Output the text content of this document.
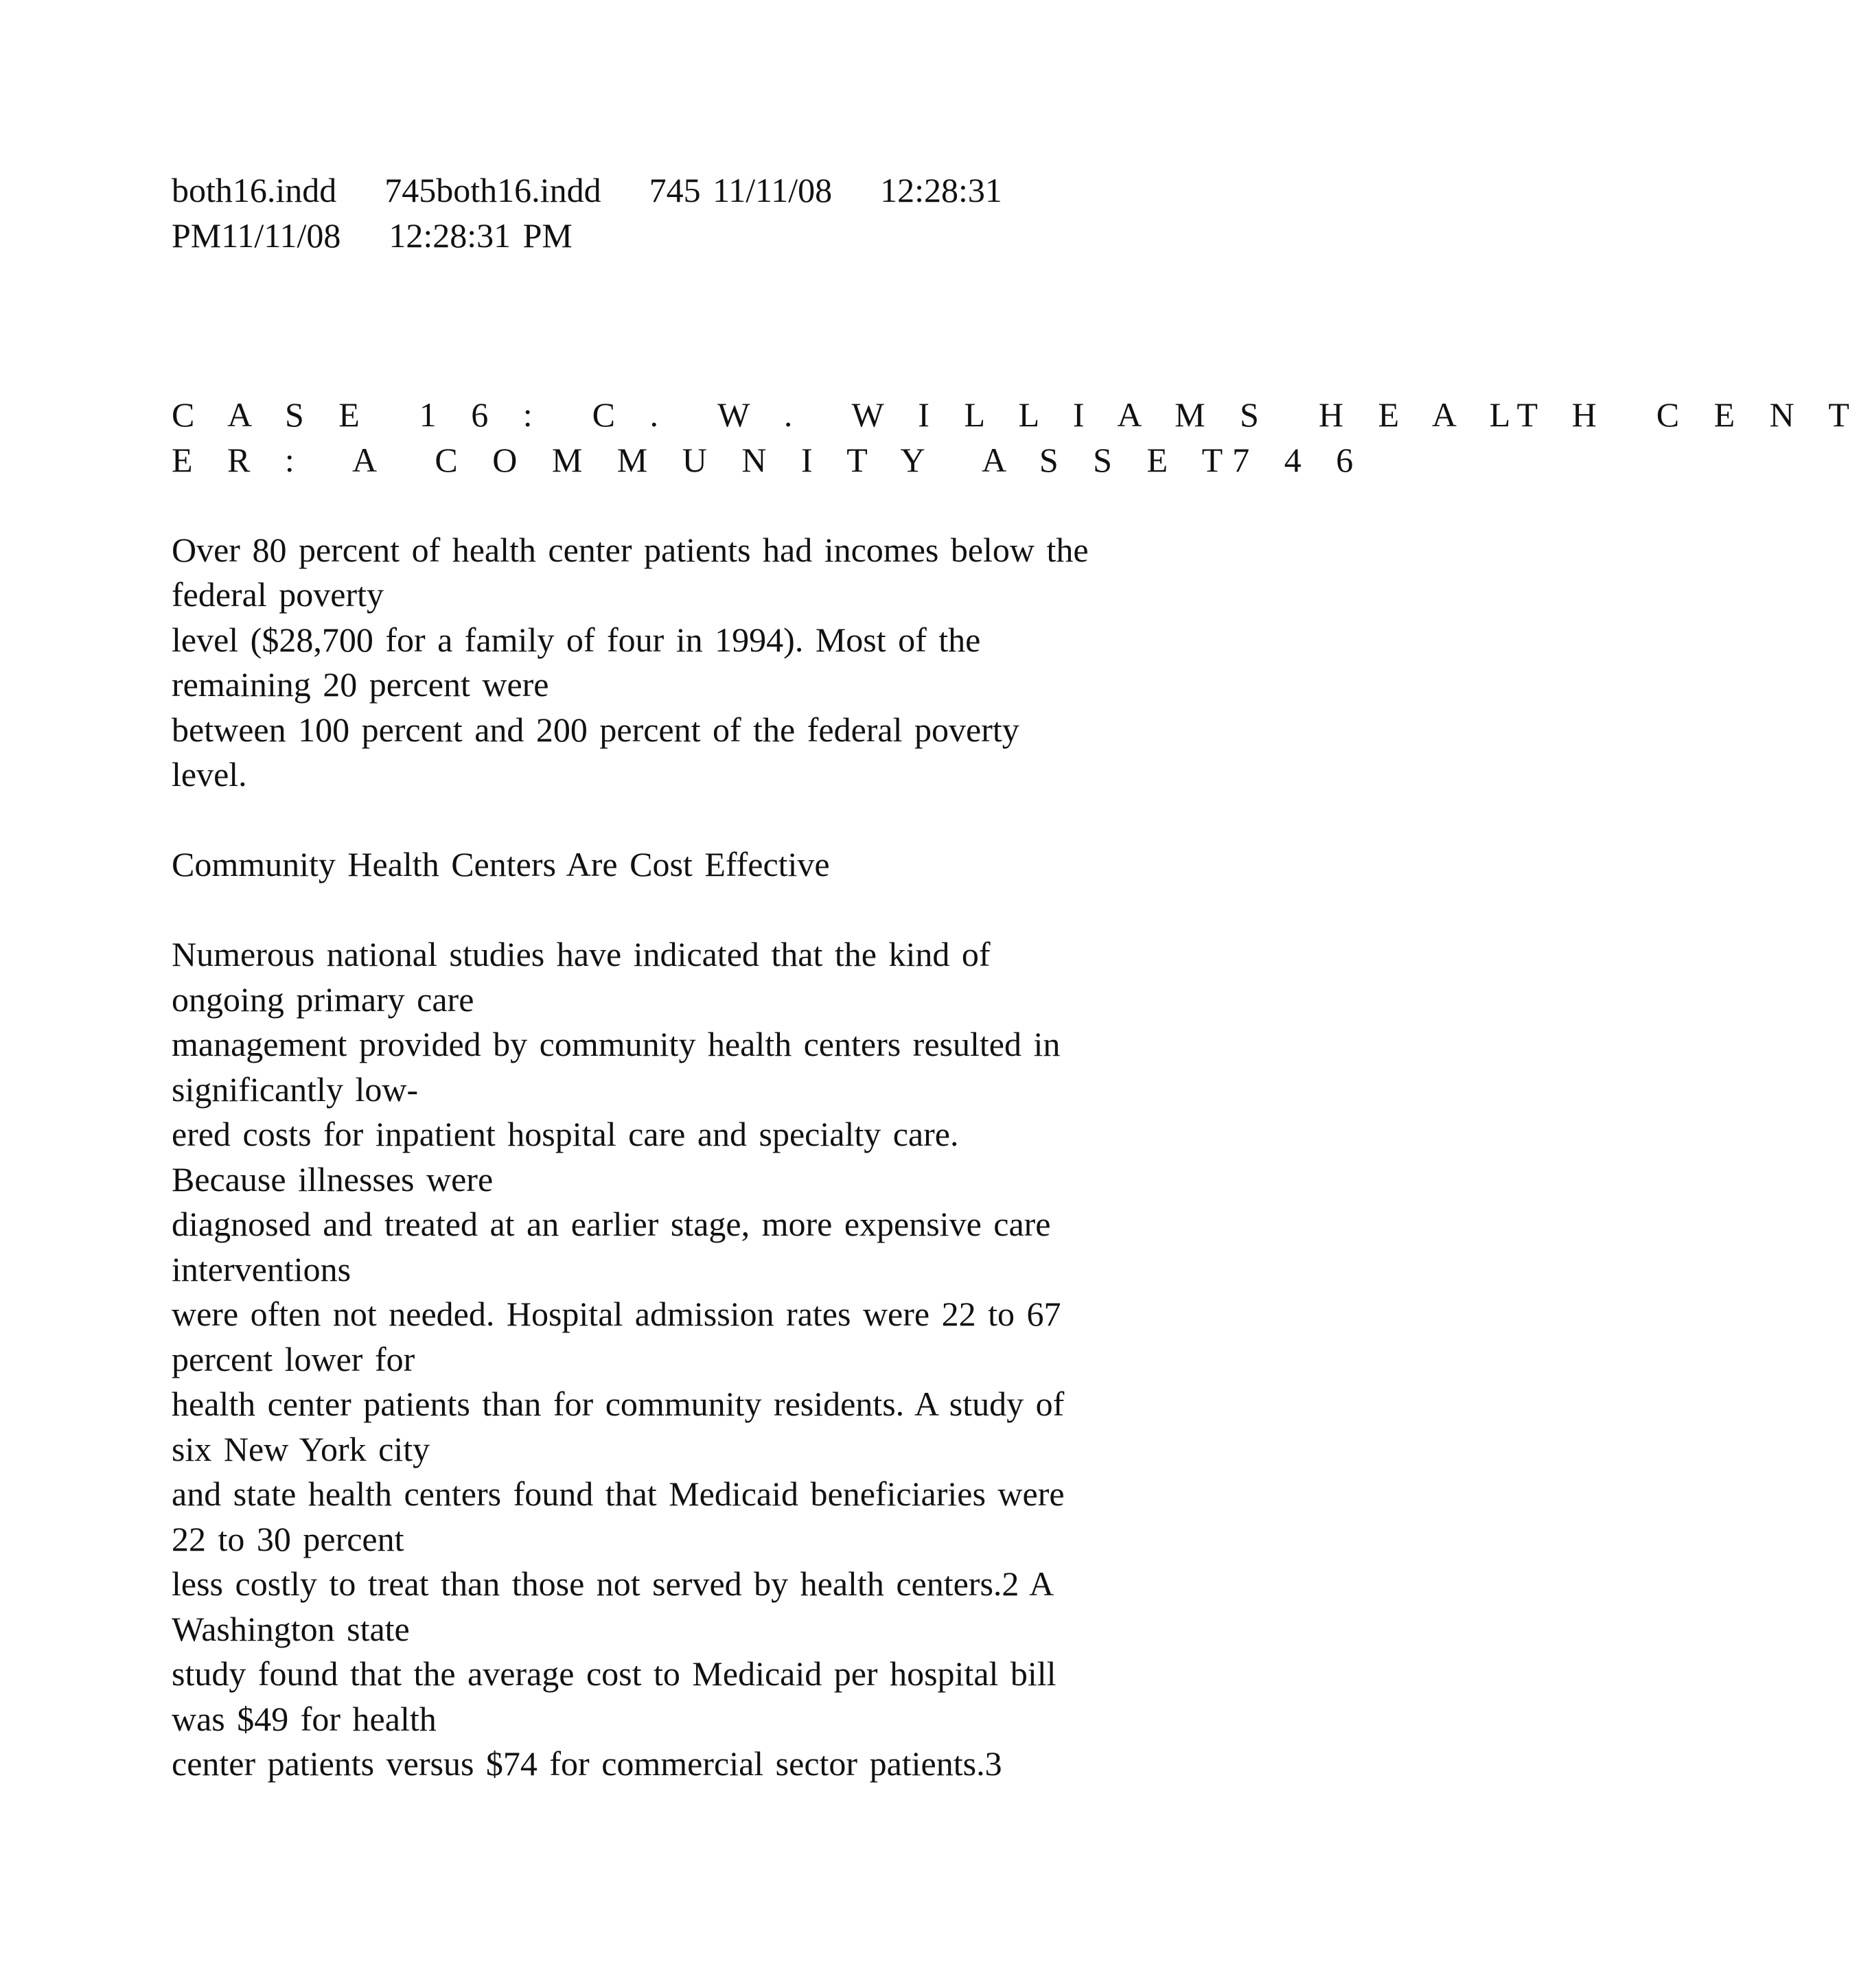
both16.indd    745both16.indd    745 11/11/08    12:28:31
PM11/11/08    12:28:31 PM
C A S E  1 6 :  C .  W .  W I L L I A M S  H E A LT H  C E N T
E R :  A  C O M M U N I T Y  A S S E T7 4 6
Over 80 percent of health center patients had incomes below the
federal poverty
level ($28,700 for a family of four in 1994). Most of the
remaining 20 percent were
between 100 percent and 200 percent of the federal poverty
level.
Community Health Centers Are Cost Effective
Numerous national studies have indicated that the kind of
ongoing primary care
management provided by community health centers resulted in
significantly low-
ered costs for inpatient hospital care and specialty care.
Because illnesses were
diagnosed and treated at an earlier stage, more expensive care
interventions
were often not needed. Hospital admission rates were 22 to 67
percent lower for
health center patients than for community residents. A study of
six New York city
and state health centers found that Medicaid beneficiaries were
22 to 30 percent
less costly to treat than those not served by health centers.2 A
Washington state
study found that the average cost to Medicaid per hospital bill
was $49 for health
center patients versus $74 for commercial sector patients.3
